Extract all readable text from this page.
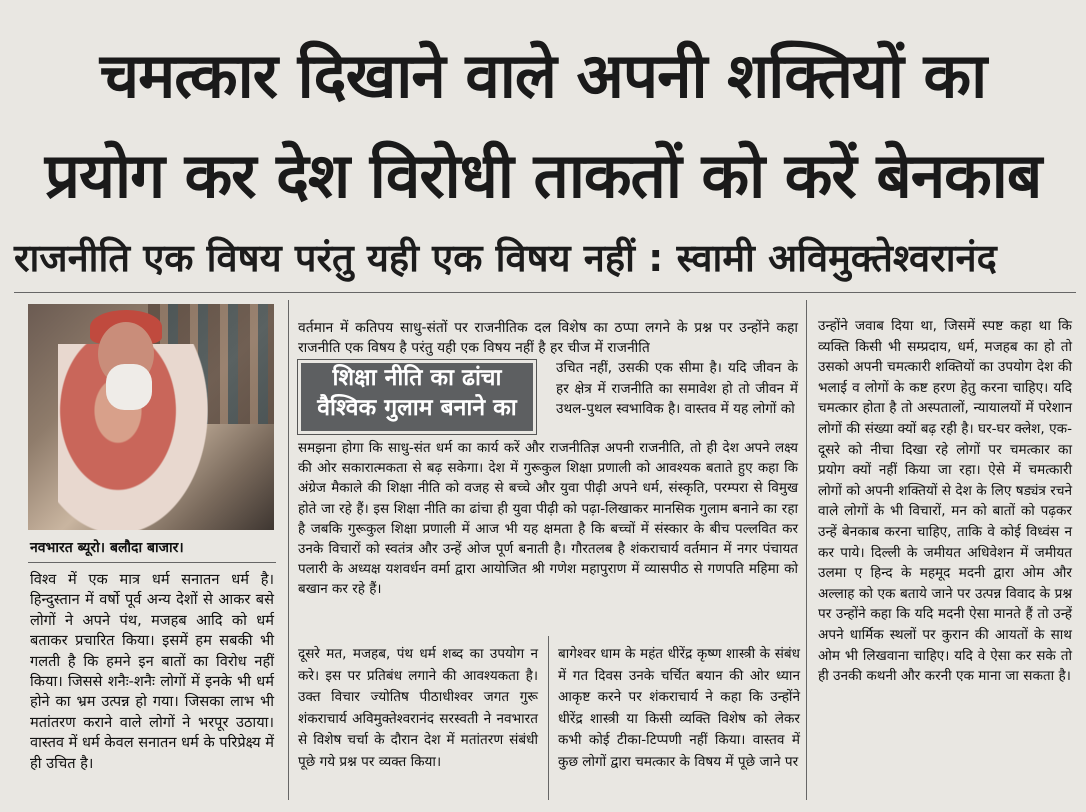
चमत्कार दिखाने वाले अपनी शक्तियों का
प्रयोग कर देश विरोधी ताकतों को करें बेनकाब
राजनीति एक विषय परंतु यही एक विषय नहीं : स्वामी अविमुक्तेश्वरानंद
नवभारत ब्यूरो। बलौदा बाजार।

विश्व में एक मात्र धर्म सनातन धर्म है। हिन्दुस्तान में वर्षो पूर्व अन्य देशों से आकर बसे लोगों ने अपने पंथ, मजहब आदि को धर्म बताकर प्रचारित किया। इसमें हम सबकी भी गलती है कि हमने इन बातों का विरोध नहीं किया। जिससे शनैः-शनैः लोगों में इनके भी धर्म होने का भ्रम उत्पन्न हो गया। जिसका लाभ भी मतांतरण कराने वाले लोगों ने भरपूर उठाया। वास्तव में धर्म केवल सनातन धर्म के परिप्रेक्ष्य में ही उचित है।

वर्तमान में कतिपय साधु-संतों पर राजनीतिक दल विशेष का ठप्पा लगने के प्रश्न पर उन्होंने कहा राजनीति एक विषय है परंतु यही एक विषय नहीं है हर चीज में राजनीति

उचित नहीं, उसकी एक सीमा है। यदि जीवन के हर क्षेत्र में राजनीति का समावेश हो तो जीवन में उथल-पुथल स्वभाविक है। वास्तव में यह लोगों को

शिक्षा नीति का ढांचा
वैश्विक गुलाम बनाने का

समझना होगा कि साधु-संत धर्म का कार्य करें और राजनीतिज्ञ अपनी राजनीति, तो ही देश अपने लक्ष्य की ओर सकारात्मकता से बढ़ सकेगा। देश में गुरूकुल शिक्षा प्रणाली को आवश्यक बताते हुए कहा कि अंग्रेज मैकाले की शिक्षा नीति को वजह से बच्चे और युवा पीढ़ी अपने धर्म, संस्कृति, परम्परा से विमुख होते जा रहे हैं। इस शिक्षा नीति का ढांचा ही युवा पीढ़ी को पढ़ा-लिखाकर मानसिक गुलाम बनाने का रहा है जबकि गुरूकुल शिक्षा प्रणाली में आज भी यह क्षमता है कि बच्चों में संस्कार के बीच पल्लवित कर उनके विचारों को स्वतंत्र और उन्हें ओज पूर्ण बनाती है। गौरतलब है शंकराचार्य वर्तमान में नगर पंचायत पलारी के अध्यक्ष यशवर्धन वर्मा द्वारा आयोजित श्री गणेश महापुराण में व्यासपीठ से गणपति महिमा को बखान कर रहे हैं।

दूसरे मत, मजहब, पंथ धर्म शब्द का उपयोग न करे। इस पर प्रतिबंध लगाने की आवश्यकता है। उक्त विचार ज्योतिष पीठाधीश्वर जगत गुरू शंकराचार्य अविमुक्तेश्वरानंद सरस्वती ने नवभारत से विशेष चर्चा के दौरान देश में मतांतरण संबंधी पूछे गये प्रश्न पर व्यक्त किया।

बागेश्वर धाम के महंत धीरेंद्र कृष्ण शास्त्री के संबंध में गत दिवस उनके चर्चित बयान की ओर ध्यान आकृष्ट करने पर शंकराचार्य ने कहा कि उन्होंने धीरेंद्र शास्त्री या किसी व्यक्ति विशेष को लेकर कभी कोई टीका-टिप्पणी नहीं किया। वास्तव में कुछ लोगों द्वारा चमत्कार के विषय में पूछे जाने पर

उन्होंने जवाब दिया था, जिसमें स्पष्ट कहा था कि व्यक्ति किसी भी सम्प्रदाय, धर्म, मजहब का हो तो उसको अपनी चमत्कारी शक्तियों का उपयोग देश की भलाई व लोगों के कष्ट हरण हेतु करना चाहिए। यदि चमत्कार होता है तो अस्पतालों, न्यायालयों में परेशान लोगों की संख्या क्यों बढ़ रही है। घर-घर क्लेश, एक-दूसरे को नीचा दिखा रहे लोगों पर चमत्कार का प्रयोग क्यों नहीं किया जा रहा। ऐसे में चमत्कारी लोगों को अपनी शक्तियों से देश के लिए षड्यंत्र रचने वाले लोगों के भी विचारों, मन को बातों को पढ़कर उन्हें बेनकाब करना चाहिए, ताकि वे कोई विध्वंस न कर पाये। दिल्ली के जमीयत अधिवेशन में जमीयत उलमा ए हिन्द के महमूद मदनी द्वारा ओम और अल्लाह को एक बताये जाने पर उत्पन्न विवाद के प्रश्न पर उन्होंने कहा कि यदि मदनी ऐसा मानते हैं तो उन्हें अपने धार्मिक स्थलों पर कुरान की आयतों के साथ ओम भी लिखवाना चाहिए। यदि वे ऐसा कर सके तो ही उनकी कथनी और करनी एक माना जा सकता है।
